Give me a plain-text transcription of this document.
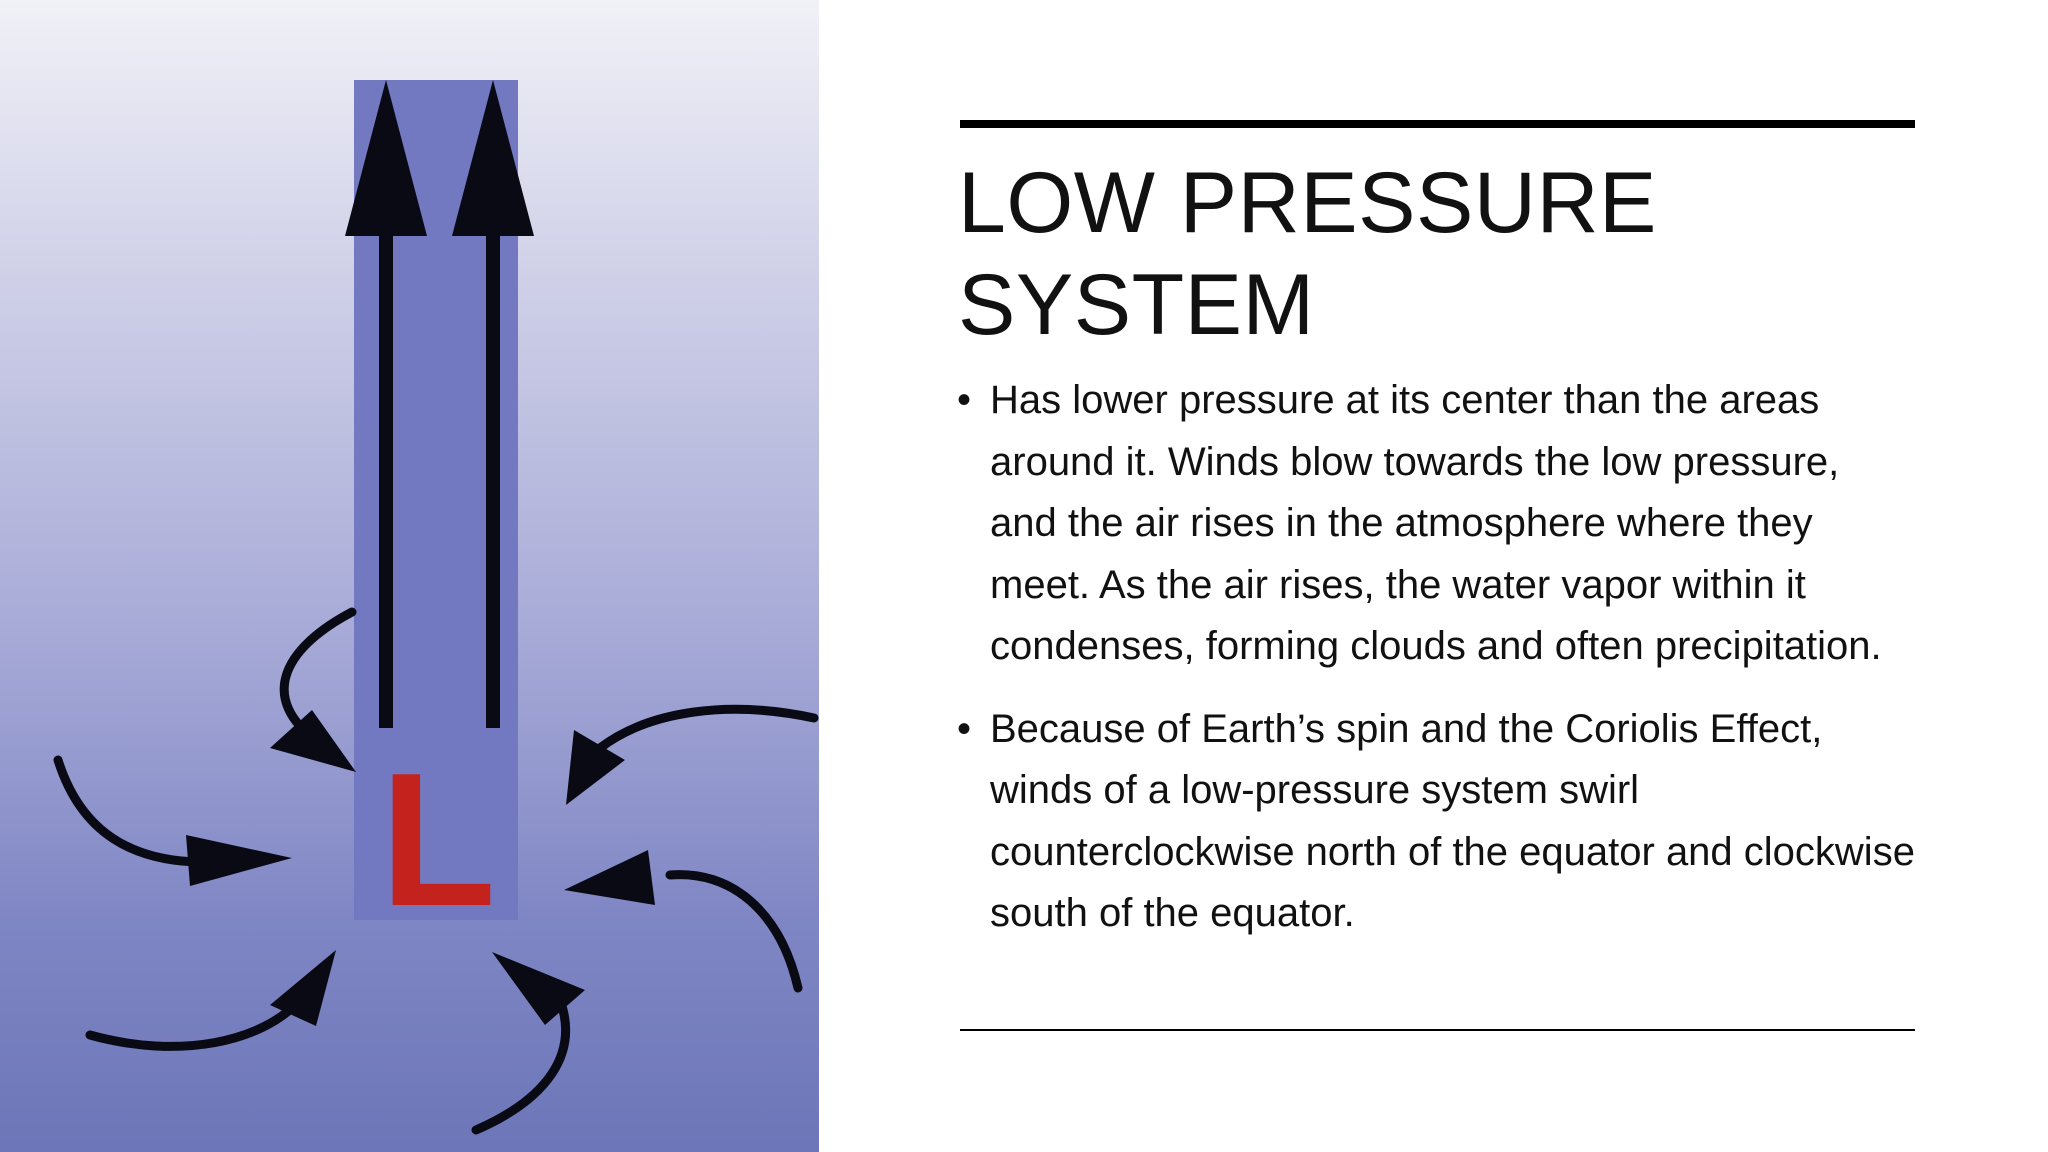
L
LOW PRESSURE SYSTEM
• Has lower pressure at its center than the areas around it. Winds blow towards the low pressure, and the air rises in the atmosphere where they meet. As the air rises, the water vapor within it condenses, forming clouds and often precipitation.
• Because of Earth’s spin and the Coriolis Effect, winds of a low-pressure system swirl counterclockwise north of the equator and clockwise south of the equator.
